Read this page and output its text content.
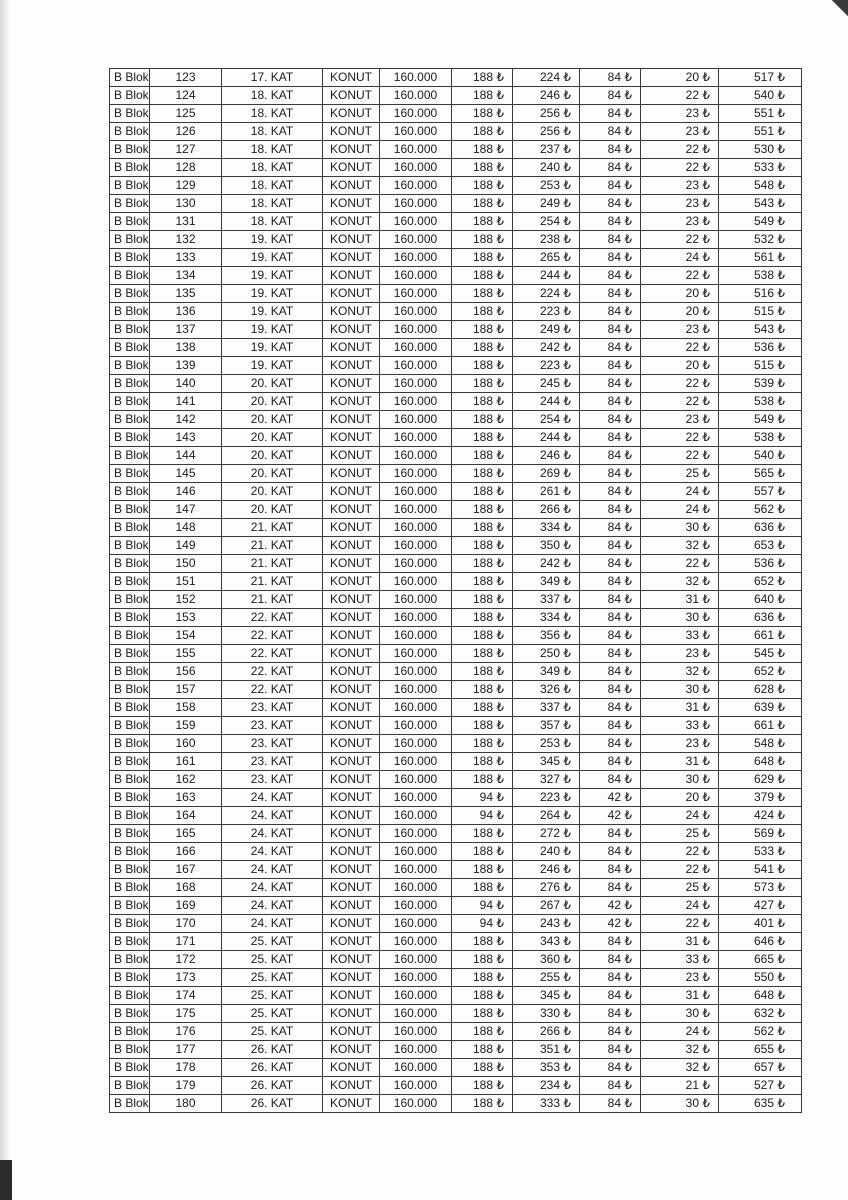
B Blok	123	17. KAT	KONUT	160.000	188 ₺	224 ₺	84 ₺	20 ₺	517 ₺
B Blok	124	18. KAT	KONUT	160.000	188 ₺	246 ₺	84 ₺	22 ₺	540 ₺
B Blok	125	18. KAT	KONUT	160.000	188 ₺	256 ₺	84 ₺	23 ₺	551 ₺
B Blok	126	18. KAT	KONUT	160.000	188 ₺	256 ₺	84 ₺	23 ₺	551 ₺
B Blok	127	18. KAT	KONUT	160.000	188 ₺	237 ₺	84 ₺	22 ₺	530 ₺
B Blok	128	18. KAT	KONUT	160.000	188 ₺	240 ₺	84 ₺	22 ₺	533 ₺
B Blok	129	18. KAT	KONUT	160.000	188 ₺	253 ₺	84 ₺	23 ₺	548 ₺
B Blok	130	18. KAT	KONUT	160.000	188 ₺	249 ₺	84 ₺	23 ₺	543 ₺
B Blok	131	18. KAT	KONUT	160.000	188 ₺	254 ₺	84 ₺	23 ₺	549 ₺
B Blok	132	19. KAT	KONUT	160.000	188 ₺	238 ₺	84 ₺	22 ₺	532 ₺
B Blok	133	19. KAT	KONUT	160.000	188 ₺	265 ₺	84 ₺	24 ₺	561 ₺
B Blok	134	19. KAT	KONUT	160.000	188 ₺	244 ₺	84 ₺	22 ₺	538 ₺
B Blok	135	19. KAT	KONUT	160.000	188 ₺	224 ₺	84 ₺	20 ₺	516 ₺
B Blok	136	19. KAT	KONUT	160.000	188 ₺	223 ₺	84 ₺	20 ₺	515 ₺
B Blok	137	19. KAT	KONUT	160.000	188 ₺	249 ₺	84 ₺	23 ₺	543 ₺
B Blok	138	19. KAT	KONUT	160.000	188 ₺	242 ₺	84 ₺	22 ₺	536 ₺
B Blok	139	19. KAT	KONUT	160.000	188 ₺	223 ₺	84 ₺	20 ₺	515 ₺
B Blok	140	20. KAT	KONUT	160.000	188 ₺	245 ₺	84 ₺	22 ₺	539 ₺
B Blok	141	20. KAT	KONUT	160.000	188 ₺	244 ₺	84 ₺	22 ₺	538 ₺
B Blok	142	20. KAT	KONUT	160.000	188 ₺	254 ₺	84 ₺	23 ₺	549 ₺
B Blok	143	20. KAT	KONUT	160.000	188 ₺	244 ₺	84 ₺	22 ₺	538 ₺
B Blok	144	20. KAT	KONUT	160.000	188 ₺	246 ₺	84 ₺	22 ₺	540 ₺
B Blok	145	20. KAT	KONUT	160.000	188 ₺	269 ₺	84 ₺	25 ₺	565 ₺
B Blok	146	20. KAT	KONUT	160.000	188 ₺	261 ₺	84 ₺	24 ₺	557 ₺
B Blok	147	20. KAT	KONUT	160.000	188 ₺	266 ₺	84 ₺	24 ₺	562 ₺
B Blok	148	21. KAT	KONUT	160.000	188 ₺	334 ₺	84 ₺	30 ₺	636 ₺
B Blok	149	21. KAT	KONUT	160.000	188 ₺	350 ₺	84 ₺	32 ₺	653 ₺
B Blok	150	21. KAT	KONUT	160.000	188 ₺	242 ₺	84 ₺	22 ₺	536 ₺
B Blok	151	21. KAT	KONUT	160.000	188 ₺	349 ₺	84 ₺	32 ₺	652 ₺
B Blok	152	21. KAT	KONUT	160.000	188 ₺	337 ₺	84 ₺	31 ₺	640 ₺
B Blok	153	22. KAT	KONUT	160.000	188 ₺	334 ₺	84 ₺	30 ₺	636 ₺
B Blok	154	22. KAT	KONUT	160.000	188 ₺	356 ₺	84 ₺	33 ₺	661 ₺
B Blok	155	22. KAT	KONUT	160.000	188 ₺	250 ₺	84 ₺	23 ₺	545 ₺
B Blok	156	22. KAT	KONUT	160.000	188 ₺	349 ₺	84 ₺	32 ₺	652 ₺
B Blok	157	22. KAT	KONUT	160.000	188 ₺	326 ₺	84 ₺	30 ₺	628 ₺
B Blok	158	23. KAT	KONUT	160.000	188 ₺	337 ₺	84 ₺	31 ₺	639 ₺
B Blok	159	23. KAT	KONUT	160.000	188 ₺	357 ₺	84 ₺	33 ₺	661 ₺
B Blok	160	23. KAT	KONUT	160.000	188 ₺	253 ₺	84 ₺	23 ₺	548 ₺
B Blok	161	23. KAT	KONUT	160.000	188 ₺	345 ₺	84 ₺	31 ₺	648 ₺
B Blok	162	23. KAT	KONUT	160.000	188 ₺	327 ₺	84 ₺	30 ₺	629 ₺
B Blok	163	24. KAT	KONUT	160.000	94 ₺	223 ₺	42 ₺	20 ₺	379 ₺
B Blok	164	24. KAT	KONUT	160.000	94 ₺	264 ₺	42 ₺	24 ₺	424 ₺
B Blok	165	24. KAT	KONUT	160.000	188 ₺	272 ₺	84 ₺	25 ₺	569 ₺
B Blok	166	24. KAT	KONUT	160.000	188 ₺	240 ₺	84 ₺	22 ₺	533 ₺
B Blok	167	24. KAT	KONUT	160.000	188 ₺	246 ₺	84 ₺	22 ₺	541 ₺
B Blok	168	24. KAT	KONUT	160.000	188 ₺	276 ₺	84 ₺	25 ₺	573 ₺
B Blok	169	24. KAT	KONUT	160.000	94 ₺	267 ₺	42 ₺	24 ₺	427 ₺
B Blok	170	24. KAT	KONUT	160.000	94 ₺	243 ₺	42 ₺	22 ₺	401 ₺
B Blok	171	25. KAT	KONUT	160.000	188 ₺	343 ₺	84 ₺	31 ₺	646 ₺
B Blok	172	25. KAT	KONUT	160.000	188 ₺	360 ₺	84 ₺	33 ₺	665 ₺
B Blok	173	25. KAT	KONUT	160.000	188 ₺	255 ₺	84 ₺	23 ₺	550 ₺
B Blok	174	25. KAT	KONUT	160.000	188 ₺	345 ₺	84 ₺	31 ₺	648 ₺
B Blok	175	25. KAT	KONUT	160.000	188 ₺	330 ₺	84 ₺	30 ₺	632 ₺
B Blok	176	25. KAT	KONUT	160.000	188 ₺	266 ₺	84 ₺	24 ₺	562 ₺
B Blok	177	26. KAT	KONUT	160.000	188 ₺	351 ₺	84 ₺	32 ₺	655 ₺
B Blok	178	26. KAT	KONUT	160.000	188 ₺	353 ₺	84 ₺	32 ₺	657 ₺
B Blok	179	26. KAT	KONUT	160.000	188 ₺	234 ₺	84 ₺	21 ₺	527 ₺
B Blok	180	26. KAT	KONUT	160.000	188 ₺	333 ₺	84 ₺	30 ₺	635 ₺
